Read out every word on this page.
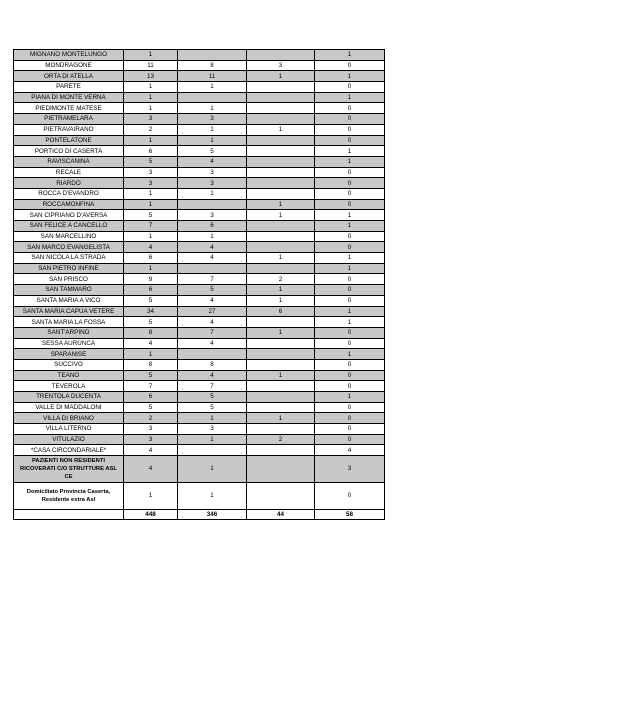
MIGNANO MONTELUNGO	1			1
MONDRAGONE	11	8	3	0
ORTA DI ATELLA	13	11	1	1
PARETE	1	1		0
PIANA DI MONTE VERNA	1			1
PIEDIMONTE MATESE	1	1		0
PIETRAMELARA	3	3		0
PIETRAVAIRANO	2	1	1	0
PONTELATONE	1	1		0
PORTICO DI CASERTA	6	5		1
RAVISCANINA	5	4		1
RECALE	3	3		0
RIARDO	3	3		0
ROCCA D'EVANDRO	1	1		0
ROCCAMONFINA	1		1	0
SAN CIPRIANO D'AVERSA	5	3	1	1
SAN FELICE A CANCELLO	7	6		1
SAN MARCELLINO	1	1		0
SAN MARCO EVANGELISTA	4	4		0
SAN NICOLA LA STRADA	6	4	1	1
SAN PIETRO INFINE	1			1
SAN PRISCO	9	7	2	0
SAN TAMMARO	6	5	1	0
SANTA MARIA A VICO	5	4	1	0
SANTA MARIA CAPUA VETERE	34	27	6	1
SANTA MARIA LA FOSSA	5	4		1
SANT'ARPINO	8	7	1	0
SESSA AURUNCA	4	4		0
SPARANISE	1			1
SUCCIVO	8	8		0
TEANO	5	4	1	0
TEVEROLA	7	7		0
TRENTOLA DUCENTA	6	5		1
VALLE DI MADDALONI	5	5		0
VILLA DI BRIANO	2	1	1	0
VILLA LITERNO	3	3		0
VITULAZIO	3	1	2	0
*CASA CIRCONDARIALE*	4			4
PAZIENTI NON RESIDENTI RICOVERATI C/O STRUTTURE ASL CE	4	1		3
Domiciliato Provincia Caserta, Residente extra Asl	1	1		0
	448	346	44	58
